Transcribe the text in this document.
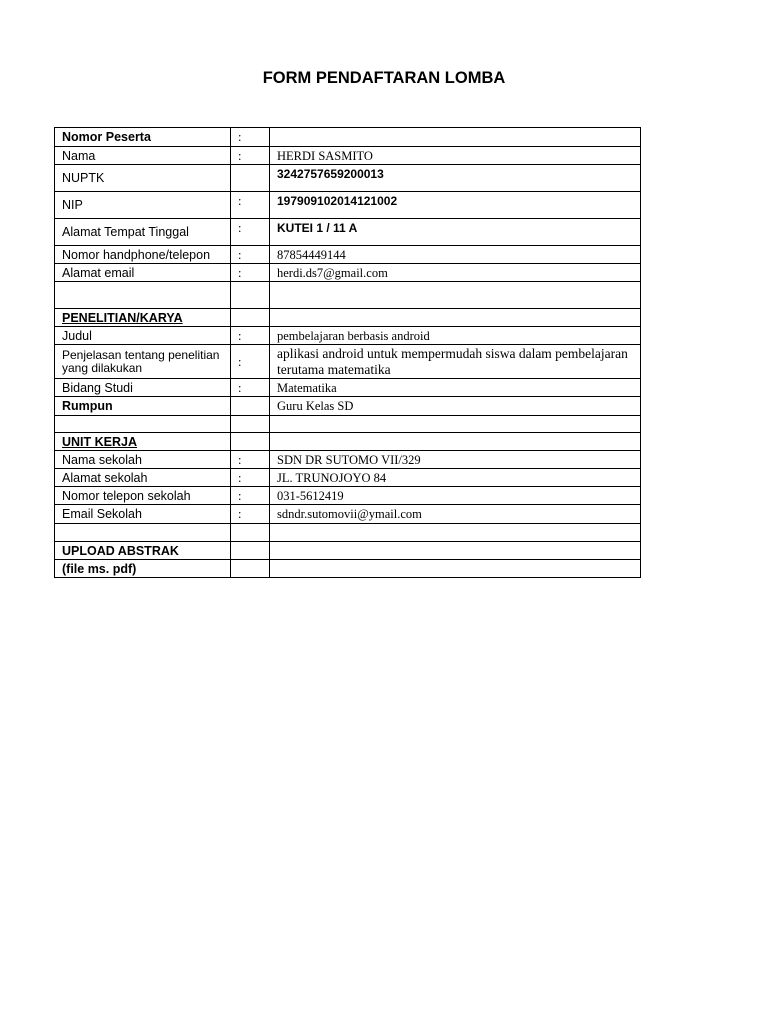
FORM PENDAFTARAN LOMBA
Nomor Peserta	:	
Nama	:	HERDI SASMITO
NUPTK		3242757659200013
NIP	:	197909102014121002
Alamat Tempat Tinggal	:	KUTEI 1 / 11 A
Nomor handphone/telepon	:	87854449144
Alamat email	:	herdi.ds7@gmail.com

PENELITIAN/KARYA		
Judul	:	pembelajaran berbasis android
Penjelasan tentang penelitian yang dilakukan	:	aplikasi android untuk mempermudah siswa dalam pembelajaran terutama matematika
Bidang Studi	:	Matematika
Rumpun		Guru Kelas SD

UNIT KERJA		
Nama sekolah	:	SDN DR SUTOMO VII/329
Alamat sekolah	:	JL. TRUNOJOYO 84
Nomor telepon sekolah	:	031-5612419
Email Sekolah	:	sdndr.sutomovii@ymail.com

UPLOAD ABSTRAK		
(file ms. pdf)		
